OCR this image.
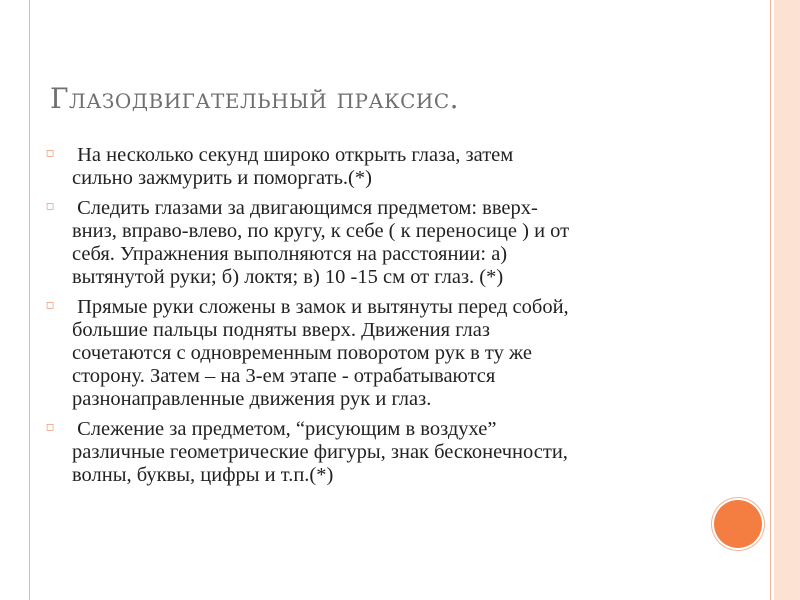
Глазодвигательный праксис.
◻ На несколько секунд широко открыть глаза, затем
сильно зажмурить и поморгать.(*)
◻ Следить глазами за двигающимся предметом: вверх-
вниз, вправо-влево, по кругу, к себе ( к переносице ) и от
себя. Упражнения выполняются на расстоянии: а)
вытянутой руки; б) локтя; в) 10 -15 см от глаз. (*)
◻ Прямые руки сложены в замок и вытянуты перед собой,
большие пальцы подняты вверх. Движения глаз
сочетаются с одновременным поворотом рук в ту же
сторону. Затем – на 3-ем этапе - отрабатываются
разнонаправленные движения рук и глаз.
◻ Слежение за предметом, “рисующим в воздухе”
различные геометрические фигуры, знак бесконечности,
волны, буквы, цифры и т.п.(*)
